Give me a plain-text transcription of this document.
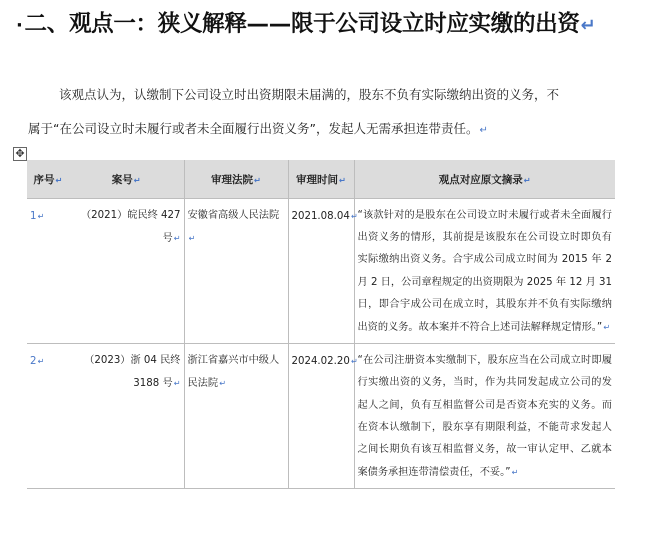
·二、观点一：狭义解释——限于公司设立时应实缴的出资↵
该观点认为，认缴制下公司设立时出资期限未届满的，股东不负有实际缴纳出资的义务，不
属于“在公司设立时未履行或者未全面履行出资义务”，发起人无需承担连带责任。↵
✥
序号↵	案号↵	审理法院↵	审理时间↵	观点对应原文摘录↵
1↵	（2021）皖民终 427 号↵	安徽省高级人民法院↵	2021.08.04↵	“该款针对的是股东在公司设立时未履行或者未全面履行出资义务的情形，其前提是该股东在公司设立时即负有实际缴纳出资义务。合宇成公司成立时间为 2015 年 2 月 2 日，公司章程规定的出资期限为 2025 年 12 月 31 日，即合宇成公司在成立时，其股东并不负有实际缴纳出资的义务。故本案并不符合上述司法解释规定情形。”↵
2↵	（2023）浙 04 民终 3188 号↵	浙江省嘉兴市中级人民法院↵	2024.02.20↵	“在公司注册资本实缴制下，股东应当在公司成立时即履行实缴出资的义务，当时，作为共同发起成立公司的发起人之间，负有互相监督公司是否资本充实的义务。而在资本认缴制下，股东享有期限利益，不能苛求发起人之间长期负有该互相监督义务，故一审认定甲、乙就本案债务承担连带清偿责任，不妥。”↵
